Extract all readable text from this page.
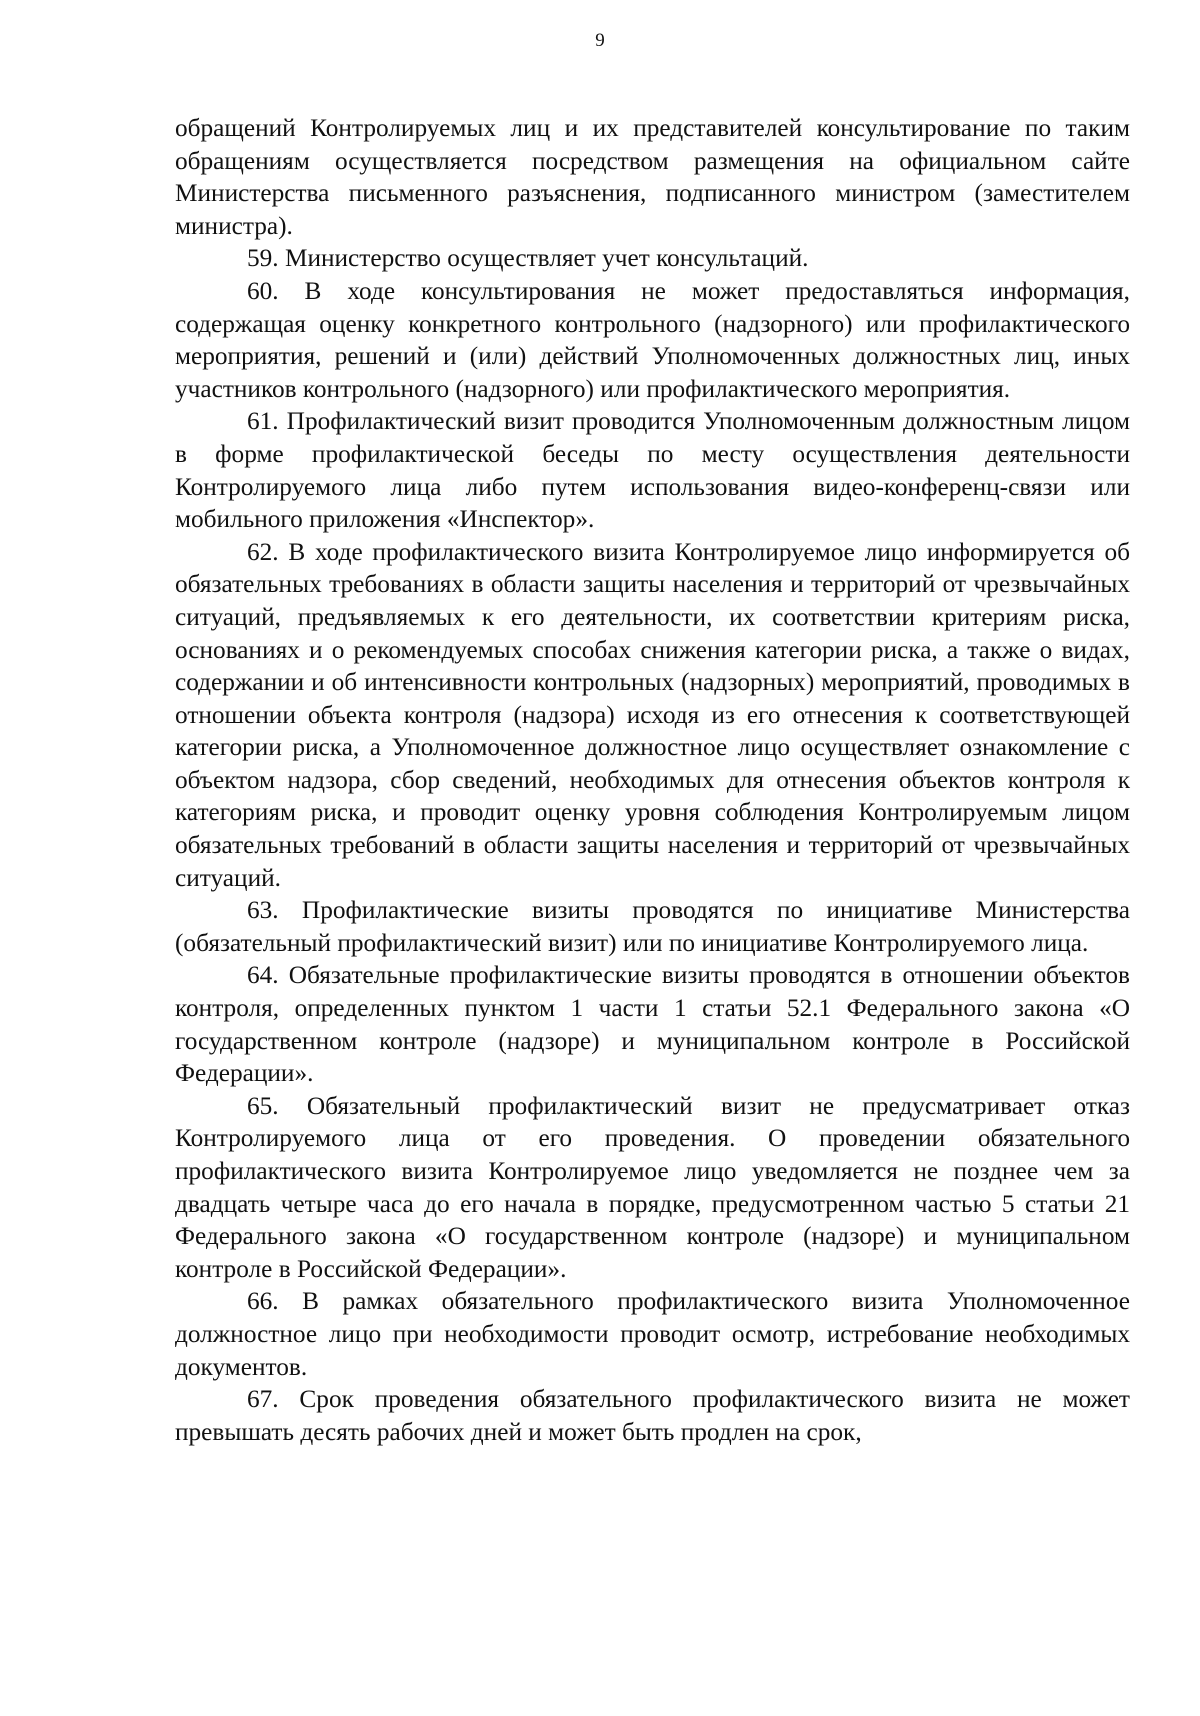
9

обращений Контролируемых лиц и их представителей консультирование по таким обращениям осуществляется посредством размещения на официальном сайте Министерства письменного разъяснения, подписанного министром (заместителем министра).

59. Министерство осуществляет учет консультаций.

60. В ходе консультирования не может предоставляться информация, содержащая оценку конкретного контрольного (надзорного) или профилактического мероприятия, решений и (или) действий Уполномоченных должностных лиц, иных участников контрольного (надзорного) или профилактического мероприятия.

61. Профилактический визит проводится Уполномоченным должностным лицом в форме профилактической беседы по месту осуществления деятельности Контролируемого лица либо путем использования видео-конференц-связи или мобильного приложения «Инспектор».

62. В ходе профилактического визита Контролируемое лицо информируется об обязательных требованиях в области защиты населения и территорий от чрезвычайных ситуаций, предъявляемых к его деятельности, их соответствии критериям риска, основаниях и о рекомендуемых способах снижения категории риска, а также о видах, содержании и об интенсивности контрольных (надзорных) мероприятий, проводимых в отношении объекта контроля (надзора) исходя из его отнесения к соответствующей категории риска, а Уполномоченное должностное лицо осуществляет ознакомление с объектом надзора, сбор сведений, необходимых для отнесения объектов контроля к категориям риска, и проводит оценку уровня соблюдения Контролируемым лицом обязательных требований в области защиты населения и территорий от чрезвычайных ситуаций.

63. Профилактические визиты проводятся по инициативе Министерства (обязательный профилактический визит) или по инициативе Контролируемого лица.

64. Обязательные профилактические визиты проводятся в отношении объектов контроля, определенных пунктом 1 части 1 статьи 52.1 Федерального закона «О государственном контроле (надзоре) и муниципальном контроле в Российской Федерации».

65. Обязательный профилактический визит не предусматривает отказ Контролируемого лица от его проведения. О проведении обязательного профилактического визита Контролируемое лицо уведомляется не позднее чем за двадцать четыре часа до его начала в порядке, предусмотренном частью 5 статьи 21 Федерального закона «О государственном контроле (надзоре) и муниципальном контроле в Российской Федерации».

66. В рамках обязательного профилактического визита Уполномоченное должностное лицо при необходимости проводит осмотр, истребование необходимых документов.

67. Срок проведения обязательного профилактического визита не может превышать десять рабочих дней и может быть продлен на срок,
